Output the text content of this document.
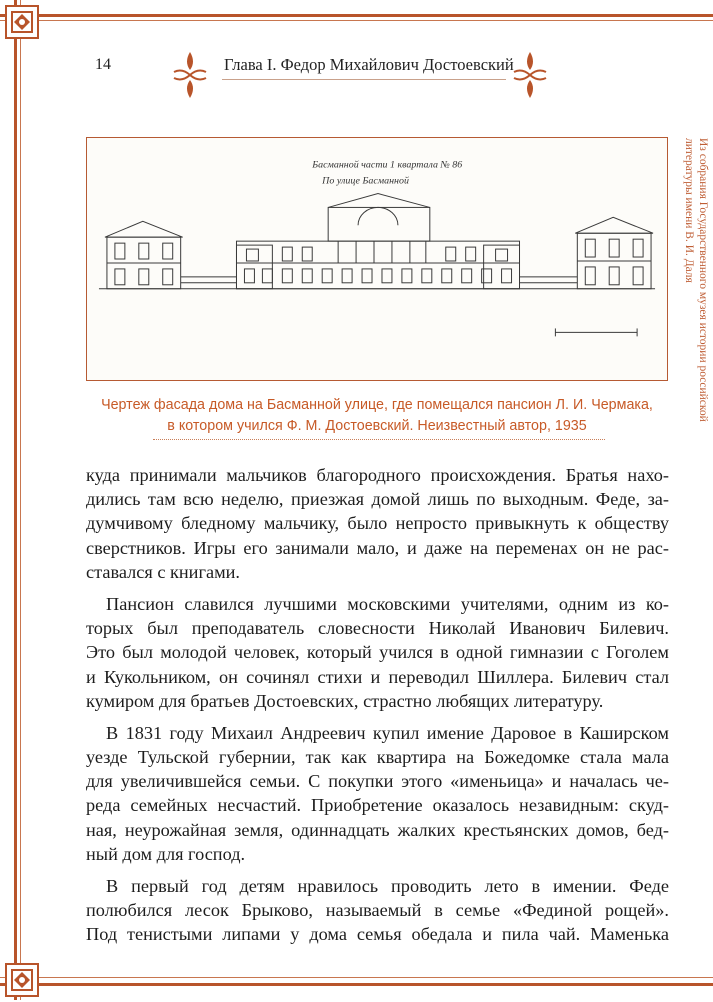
14	Глава I. Федор Михайлович Достоевский
Басманной части 1 квартала № 86
По улице Басманной	Из собрания Государственного музея истории российской литературы имени В. И. Даля
Чертеж фасада дома на Басманной улице, где помещался пансион Л. И. Чермака,
в котором учился Ф. М. Достоевский. Неизвестный автор, 1935
куда принимали мальчиков благородного происхождения. Братья нахо-
дились там всю неделю, приезжая домой лишь по выходным. Феде, за-
думчивому бледному мальчику, было непросто привыкнуть к обществу
сверстников. Игры его занимали мало, и даже на переменах он не рас-
ставался с книгами.
Пансион славился лучшими московскими учителями, одним из ко-
торых был преподаватель словесности Николай Иванович Билевич.
Это был молодой человек, который учился в одной гимназии с Гоголем
и Кукольником, он сочинял стихи и переводил Шиллера. Билевич стал
кумиром для братьев Достоевских, страстно любящих литературу.
В 1831 году Михаил Андреевич купил имение Даровое в Каширском
уезде Тульской губернии, так как квартира на Божедомке стала мала
для увеличившейся семьи. С покупки этого «именьица» и началась че-
реда семейных несчастий. Приобретение оказалось незавидным: скуд-
ная, неурожайная земля, одиннадцать жалких крестьянских домов, бед-
ный дом для господ.
В первый год детям нравилось проводить лето в имении. Феде
полюбился лесок Брыково, называемый в семье «Фединой рощей».
Под тенистыми липами у дома семья обедала и пила чай. Маменька
